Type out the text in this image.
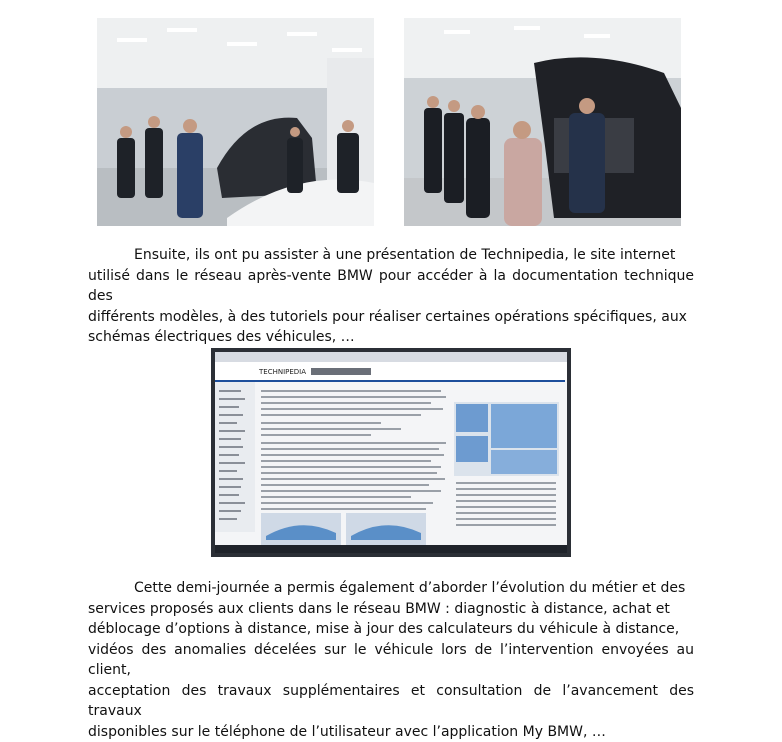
Ensuite, ils ont pu assister à une présentation de Technipedia, le site internet
utilisé dans le réseau après-vente BMW pour accéder à la documentation technique des
différents modèles, à des tutoriels pour réaliser certaines opérations spécifiques, aux
schémas électriques des véhicules, …

TECHNIPEDIA

Cette demi-journée a permis également d’aborder l’évolution du métier et des
services proposés aux clients dans le réseau BMW : diagnostic à distance, achat et
déblocage d’options à distance, mise à jour des calculateurs du véhicule à distance,
vidéos des anomalies décelées sur le véhicule lors de l’intervention envoyées au client,
acceptation des travaux supplémentaires et consultation de l’avancement des travaux
disponibles sur le téléphone de l’utilisateur avec l’application My BMW, …
